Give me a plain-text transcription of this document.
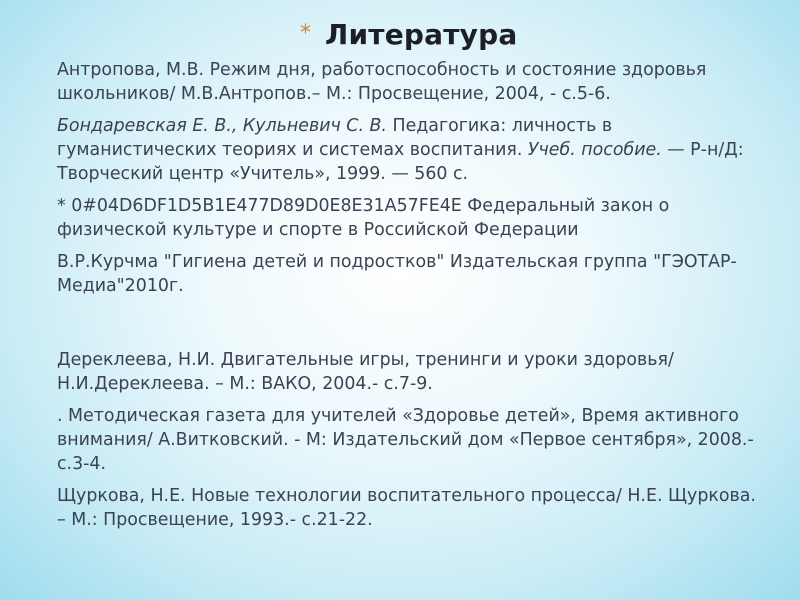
* Литература

Антропова, М.В. Режим дня, работоспособность и состояние здоровья школьников/ М.В.Антропов.– М.: Просвещение, 2004, - с.5-6.

Бондаревская Е. В., Кульневич С. В. Педагогика: личность в гуманистических теориях и системах воспитания. Учеб. пособие. — Р-н/Д: Творческий центр «Учитель», 1999. — 560 с.

* 0#04D6DF1D5B1E477D89D0E8E31A57FE4E Федеральный закон о физической культуре и спорте в Российской Федерации

В.Р.Курчма "Гигиена детей и подростков" Издательская группа "ГЭОТАР-Медиа"2010г.

Дереклеева, Н.И. Двигательные игры, тренинги и уроки здоровья/ Н.И.Дереклеева. – М.: ВАКО, 2004.- с.7-9.

. Методическая газета для учителей «Здоровье детей», Время активного внимания/ А.Витковский. - М: Издательский дом «Первое сентября», 2008.- с.3-4.

Щуркова, Н.Е. Новые технологии воспитательного процесса/ Н.Е. Щуркова. – М.: Просвещение, 1993.- с.21-22.
